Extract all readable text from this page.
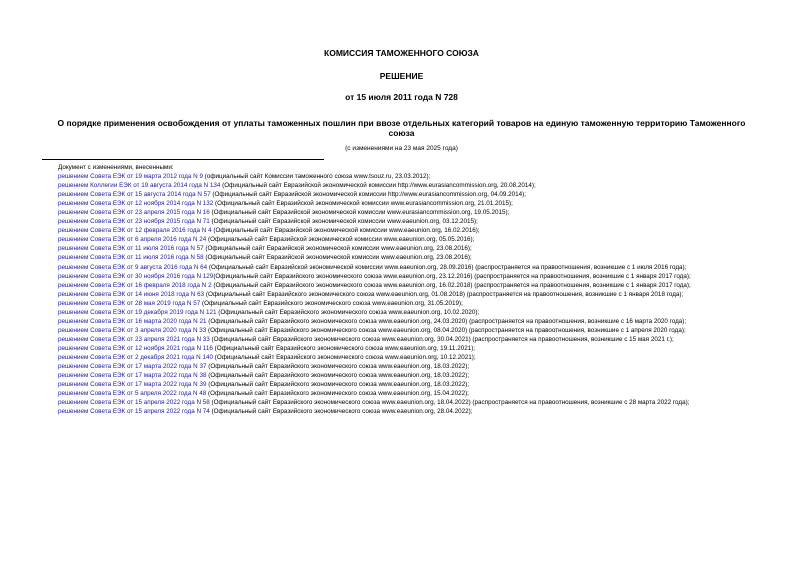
КОМИССИЯ ТАМОЖЕННОГО СОЮЗА
РЕШЕНИЕ
от 15 июля 2011 года N 728
О порядке применения освобождения от уплаты таможенных пошлин при ввозе отдельных категорий товаров на единую таможенную территорию Таможенного союза
(с изменениями на 23 мая 2025 года)

Документ с изменениями, внесенными:

решением Совета ЕЭК от 19 марта 2012 года N 9 (официальный сайт Комиссии таможенного союза www.tsouz.ru, 23.03.2012);

решением Коллегии ЕЭК от 19 августа 2014 года N 134 (Официальный сайт Евразийской экономической комиссии http://www.eurasiancommission.org, 20.08.2014);

решением Совета ЕЭК от 15 августа 2014 года N 57 (Официальный сайт Евразийской экономической комиссии http://www.eurasiancommission.org, 04.09.2014);

решением Совета ЕЭК от 12 ноября 2014 года N 132 (Официальный сайт Евразийской экономической комиссии www.eurasiancommission.org, 21.01.2015);

решением Совета ЕЭК от 23 апреля 2015 года N 16 (Официальный сайт Евразийской экономической комиссии www.eurasiancommission.org, 19.05.2015);

решением Совета ЕЭК от 23 ноября 2015 года N 71 (Официальный сайт Евразийской экономической комиссии www.eaeunion.org, 03.12.2015);

решением Совета ЕЭК от 12 февраля 2016 года N 4 (Официальный сайт Евразийской экономической комиссии www.eaeunion.org, 16.02.2016);

решением Совета ЕЭК от 6 апреля 2016 года N 24 (Официальный сайт Евразийской экономической комиссии www.eaeunion.org, 05.05.2016);

решением Совета ЕЭК от 11 июля 2016 года N 57 (Официальный сайт Евразийской экономической комиссии www.eaeunion.org, 23.08.2016);

решением Совета ЕЭК от 11 июля 2016 года N 58 (Официальный сайт Евразийской экономической комиссии www.eaeunion.org, 23.08.2016);

решением Совета ЕЭК от 9 августа 2016 года N 64 (Официальный сайт Евразийской экономической комиссии www.eaeunion.org, 28.09.2016) (распространяется на правоотношения, возникшие с 1 июля 2016 года);

решением Совета ЕЭК от 30 ноября 2016 года N 129(Официальный сайт Евразийского экономического союза www.eaeunion.org, 23.12.2016) (распространяется на правоотношения, возникшие с 1 января 2017 года);

решением Совета ЕЭК от 16 февраля 2018 года N 2 (Официальный сайт Евразийского экономического союза www.eaeunion.org, 16.02.2018) (распространяется на правоотношения, возникшие с 1 января 2017 года);

решением Совета ЕЭК от 14 июня 2018 года N 63 (Официальный сайт Евразийского экономического союза www.eaeunion.org, 01.08.2018) (распространяется на правоотношения, возникшие с 1 января 2018 года);

решением Совета ЕЭК от 28 мая 2019 года N 57 (Официальный сайт Евразийского экономического союза www.eaeunion.org, 31.05.2019);

решением Совета ЕЭК от 19 декабря 2019 года N 121 (Официальный сайт Евразийского экономического союза www.eaeunion.org, 10.02.2020);

решением Совета ЕЭК от 16 марта 2020 года N 21 (Официальный сайт Евразийского экономического союза www.eaeunion.org, 24.03.2020) (распространяется на правоотношения, возникшие с 16 марта 2020 года);

решением Совета ЕЭК от 3 апреля 2020 года N 33 (Официальный сайт Евразийского экономического союза www.eaeunion.org, 08.04.2020) (распространяется на правоотношения, возникшие с 1 апреля 2020 года);

решением Совета ЕЭК от 23 апреля 2021 года N 33 (Официальный сайт Евразийского экономического союза www.eaeunion.org, 30.04.2021) (распространяется на правоотношения, возникшие с 15 мая 2021 г.);

решением Совета ЕЭК от 12 ноября 2021 года N 116 (Официальный сайт Евразийского экономического союза www.eaeunion.org, 19.11.2021);

решением Совета ЕЭК от 2 декабря 2021 года N 140 (Официальный сайт Евразийского экономического союза www.eaeunion.org, 10.12.2021);

решением Совета ЕЭК от 17 марта 2022 года N 37 (Официальный сайт Евразийского экономического союза www.eaeunion.org, 18.03.2022);

решением Совета ЕЭК от 17 марта 2022 года N 38 (Официальный сайт Евразийского экономического союза www.eaeunion.org, 18.03.2022);

решением Совета ЕЭК от 17 марта 2022 года N 39 (Официальный сайт Евразийского экономического союза www.eaeunion.org, 18.03.2022);

решением Совета ЕЭК от 5 апреля 2022 года N 48 (Официальный сайт Евразийского экономического союза www.eaeunion.org, 15.04.2022);

решением Совета ЕЭК от 15 апреля 2022 года N 58 (Официальный сайт Евразийского экономического союза www.eaeunion.org, 18.04.2022) (распространяется на правоотношения, возникшие с 28 марта 2022 года);

решением Совета ЕЭК от 15 апреля 2022 года N 74 (Официальный сайт Евразийского экономического союза www.eaeunion.org, 28.04.2022);
